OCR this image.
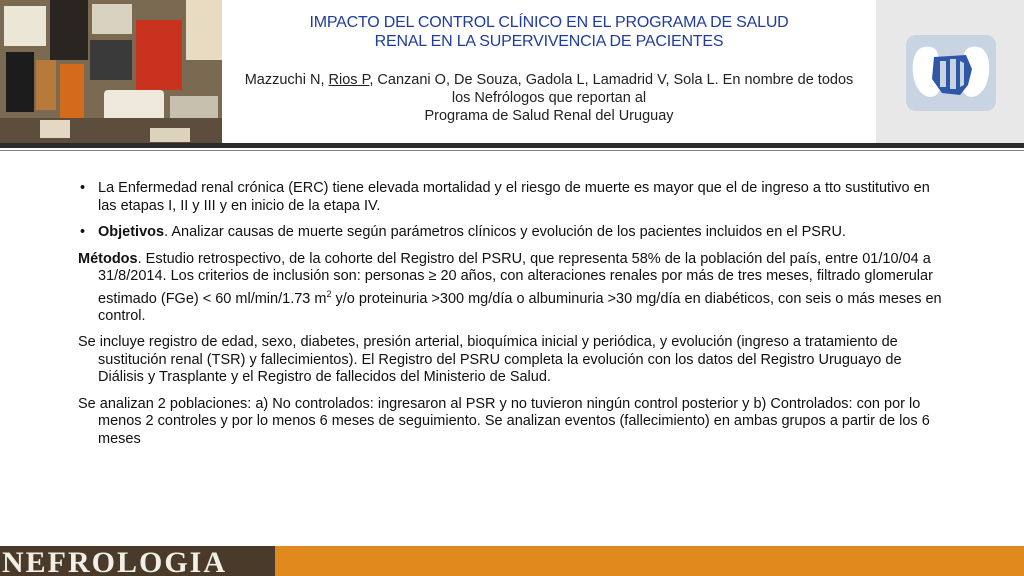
IMPACTO DEL CONTROL CLÍNICO EN EL PROGRAMA DE SALUD
RENAL EN LA SUPERVIVENCIA DE PACIENTES
Mazzuchi N, Rios P, Canzani O, De Souza, Gadola L, Lamadrid V, Sola L. En nombre de todos
los Nefrólogos que reportan al
Programa de Salud Renal del Uruguay
• La Enfermedad renal crónica (ERC) tiene elevada mortalidad y el riesgo de muerte es mayor que el de ingreso a tto sustitutivo en las etapas I, II y III y en inicio de la etapa IV.
• Objetivos. Analizar causas de muerte según parámetros clínicos y evolución de los pacientes incluidos en el PSRU.
Métodos. Estudio retrospectivo, de la cohorte del Registro del PSRU, que representa 58% de la población del país, entre 01/10/04 a 31/8/2014. Los criterios de inclusión son: personas ≥ 20 años, con alteraciones renales por más de tres meses, filtrado glomerular estimado (FGe) < 60 ml/min/1.73 $m^2$ y/o proteinuria >300 mg/día o albuminuria >30 mg/día en diabéticos, con seis o más meses en control.
Se incluye registro de edad, sexo, diabetes, presión arterial, bioquímica inicial y periódica, y evolución (ingreso a tratamiento de sustitución renal (TSR) y fallecimientos). El Registro del PSRU completa la evolución con los datos del Registro Uruguayo de Diálisis y Trasplante y el Registro de fallecidos del Ministerio de Salud.
Se analizan 2 poblaciones: a) No controlados: ingresaron al PSR y no tuvieron ningún control posterior y b) Controlados: con por lo menos 2 controles y por lo menos 6 meses de seguimiento. Se analizan eventos (fallecimiento) en ambas grupos a partir de los 6 meses
NEFROLOGIA
